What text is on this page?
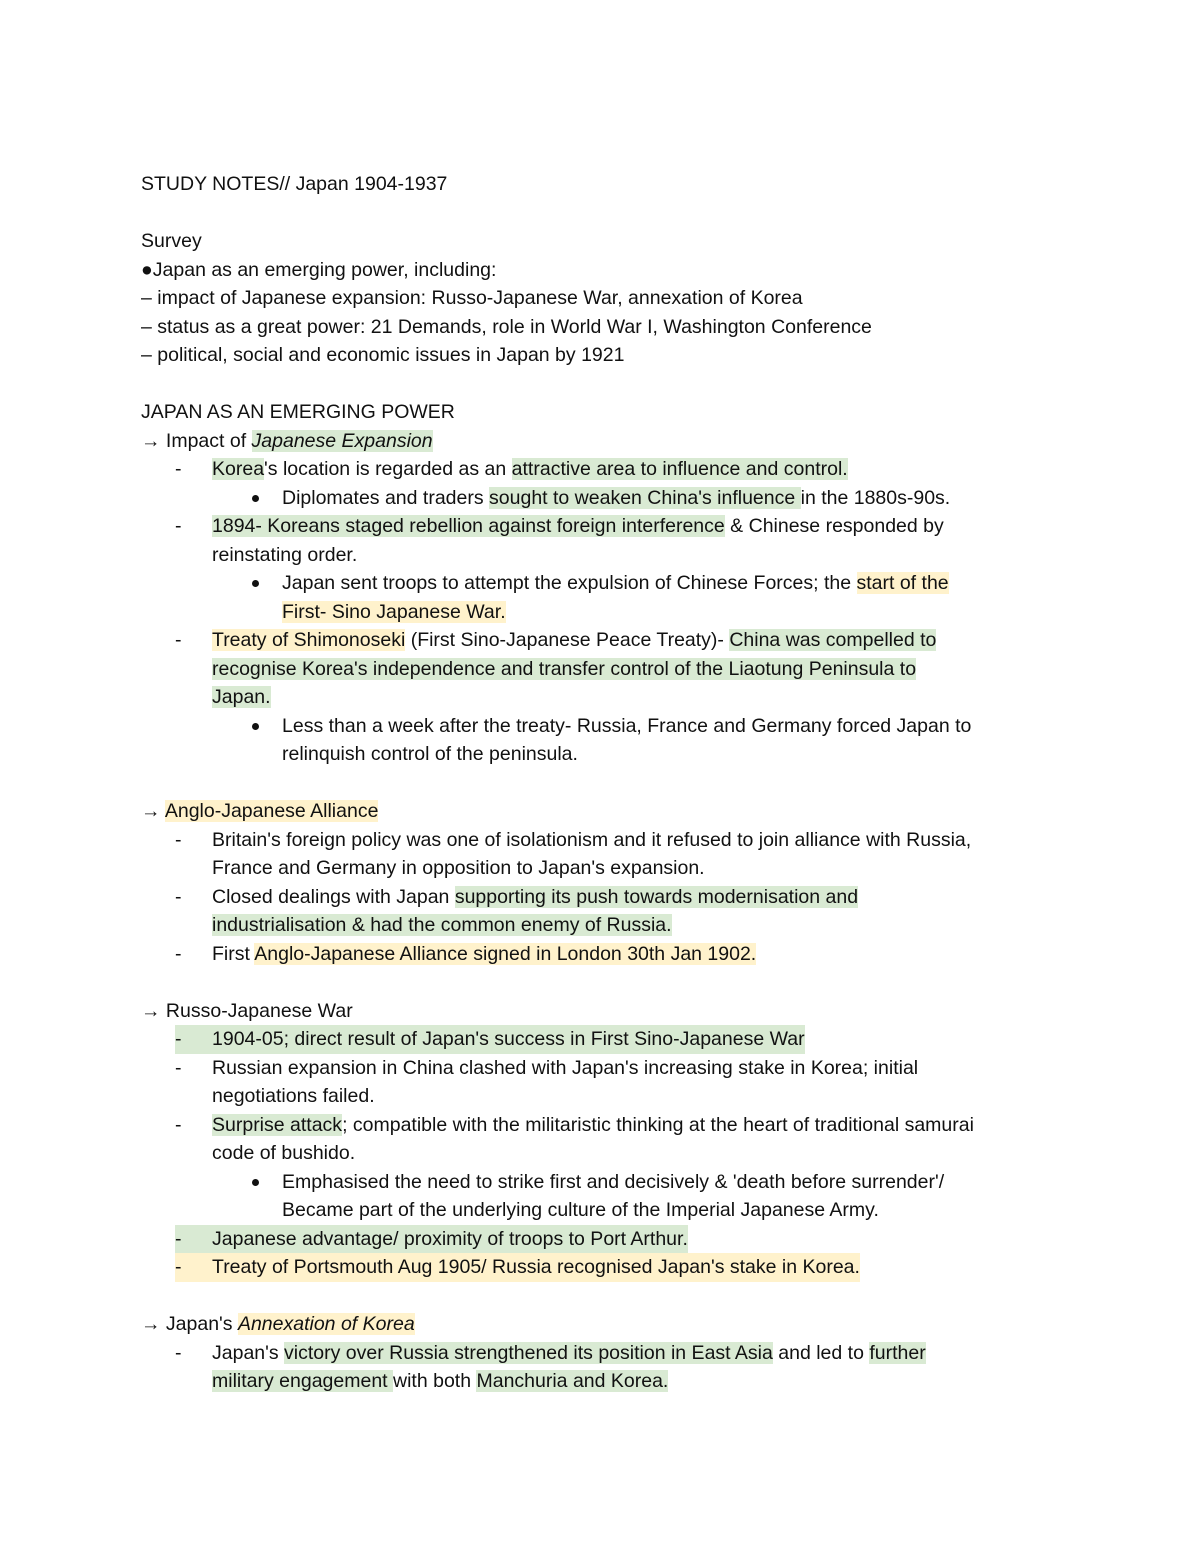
STUDY NOTES// Japan 1904-1937
Survey
●Japan as an emerging power, including:
– impact of Japanese expansion: Russo-Japanese War, annexation of Korea
– status as a great power: 21 Demands, role in World War I, Washington Conference
– political, social and economic issues in Japan by 1921
JAPAN AS AN EMERGING POWER
→ Impact of Japanese Expansion
-
Korea's location is regarded as an attractive area to influence and control.
Diplomates and traders sought to weaken China's influence in the 1880s-90s.
-
1894- Koreans staged rebellion against foreign interference & Chinese responded by
reinstating order.
Japan sent troops to attempt the expulsion of Chinese Forces; the start of the
First- Sino Japanese War.
-
Treaty of Shimonoseki (First Sino-Japanese Peace Treaty)- China was compelled to
recognise Korea's independence and transfer control of the Liaotung Peninsula to
Japan.
Less than a week after the treaty- Russia, France and Germany forced Japan to
relinquish control of the peninsula.
→ Anglo-Japanese Alliance
-
Britain's foreign policy was one of isolationism and it refused to join alliance with Russia,
France and Germany in opposition to Japan's expansion.
-
Closed dealings with Japan supporting its push towards modernisation and
industrialisation & had the common enemy of Russia.
-
First Anglo-Japanese Alliance signed in London 30th Jan 1902.
→ Russo-Japanese War
-
1904-05; direct result of Japan's success in First Sino-Japanese War
-
Russian expansion in China clashed with Japan's increasing stake in Korea; initial
negotiations failed.
-
Surprise attack; compatible with the militaristic thinking at the heart of traditional samurai
code of bushido.
Emphasised the need to strike first and decisively & 'death before surrender'/
Became part of the underlying culture of the Imperial Japanese Army.
-
Japanese advantage/ proximity of troops to Port Arthur.
-
Treaty of Portsmouth Aug 1905/ Russia recognised Japan's stake in Korea.
→ Japan's Annexation of Korea
-
Japan's victory over Russia strengthened its position in East Asia and led to further
military engagement with both Manchuria and Korea.
